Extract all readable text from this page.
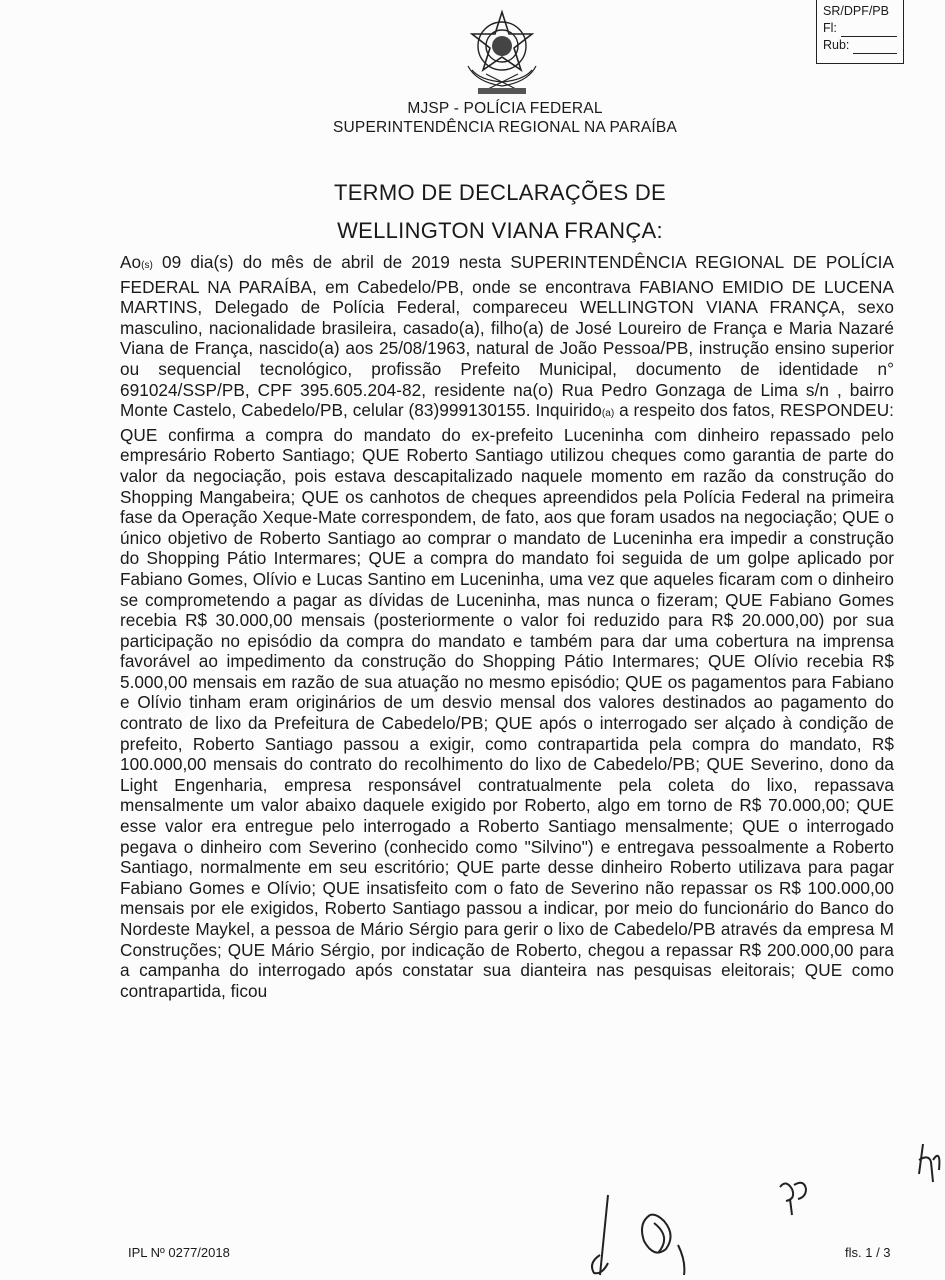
SR/DPF/PB
Fl:
Rub:
MJSP - POLÍCIA FEDERAL
SUPERINTENDÊNCIA REGIONAL NA PARAÍBA
TERMO DE DECLARAÇÕES DE
WELLINGTON VIANA FRANÇA:
Ao(s) 09 dia(s) do mês de abril de 2019 nesta SUPERINTENDÊNCIA REGIONAL DE POLÍCIA FEDERAL NA PARAÍBA, em Cabedelo/PB, onde se encontrava FABIANO EMIDIO DE LUCENA MARTINS, Delegado de Polícia Federal, compareceu WELLINGTON VIANA FRANÇA, sexo masculino, nacionalidade brasileira, casado(a), filho(a) de José Loureiro de França e Maria Nazaré Viana de França, nascido(a) aos 25/08/1963, natural de João Pessoa/PB, instrução ensino superior ou sequencial tecnológico, profissão Prefeito Municipal, documento de identidade n° 691024/SSP/PB, CPF 395.605.204-82, residente na(o) Rua Pedro Gonzaga de Lima s/n , bairro Monte Castelo, Cabedelo/PB, celular (83)999130155. Inquirido(a) a respeito dos fatos, RESPONDEU: QUE confirma a compra do mandato do ex-prefeito Luceninha com dinheiro repassado pelo empresário Roberto Santiago; QUE Roberto Santiago utilizou cheques como garantia de parte do valor da negociação, pois estava descapitalizado naquele momento em razão da construção do Shopping Mangabeira; QUE os canhotos de cheques apreendidos pela Polícia Federal na primeira fase da Operação Xeque-Mate correspondem, de fato, aos que foram usados na negociação; QUE o único objetivo de Roberto Santiago ao comprar o mandato de Luceninha era impedir a construção do Shopping Pátio Intermares; QUE a compra do mandato foi seguida de um golpe aplicado por Fabiano Gomes, Olívio e Lucas Santino em Luceninha, uma vez que aqueles ficaram com o dinheiro se comprometendo a pagar as dívidas de Luceninha, mas nunca o fizeram; QUE Fabiano Gomes recebia R$ 30.000,00 mensais (posteriormente o valor foi reduzido para R$ 20.000,00) por sua participação no episódio da compra do mandato e também para dar uma cobertura na imprensa favorável ao impedimento da construção do Shopping Pátio Intermares; QUE Olívio recebia R$ 5.000,00 mensais em razão de sua atuação no mesmo episódio; QUE os pagamentos para Fabiano e Olívio tinham eram originários de um desvio mensal dos valores destinados ao pagamento do contrato de lixo da Prefeitura de Cabedelo/PB; QUE após o interrogado ser alçado à condição de prefeito, Roberto Santiago passou a exigir, como contrapartida pela compra do mandato, R$ 100.000,00 mensais do contrato do recolhimento do lixo de Cabedelo/PB; QUE Severino, dono da Light Engenharia, empresa responsável contratualmente pela coleta do lixo, repassava mensalmente um valor abaixo daquele exigido por Roberto, algo em torno de R$ 70.000,00; QUE esse valor era entregue pelo interrogado a Roberto Santiago mensalmente; QUE o interrogado pegava o dinheiro com Severino (conhecido como "Silvino") e entregava pessoalmente a Roberto Santiago, normalmente em seu escritório; QUE parte desse dinheiro Roberto utilizava para pagar Fabiano Gomes e Olívio; QUE insatisfeito com o fato de Severino não repassar os R$ 100.000,00 mensais por ele exigidos, Roberto Santiago passou a indicar, por meio do funcionário do Banco do Nordeste Maykel, a pessoa de Mário Sérgio para gerir o lixo de Cabedelo/PB através da empresa M Construções; QUE Mário Sérgio, por indicação de Roberto, chegou a repassar R$ 200.000,00 para a campanha do interrogado após constatar sua dianteira nas pesquisas eleitorais; QUE como contrapartida, ficou
IPL Nº 0277/2018	fls. 1 / 3
